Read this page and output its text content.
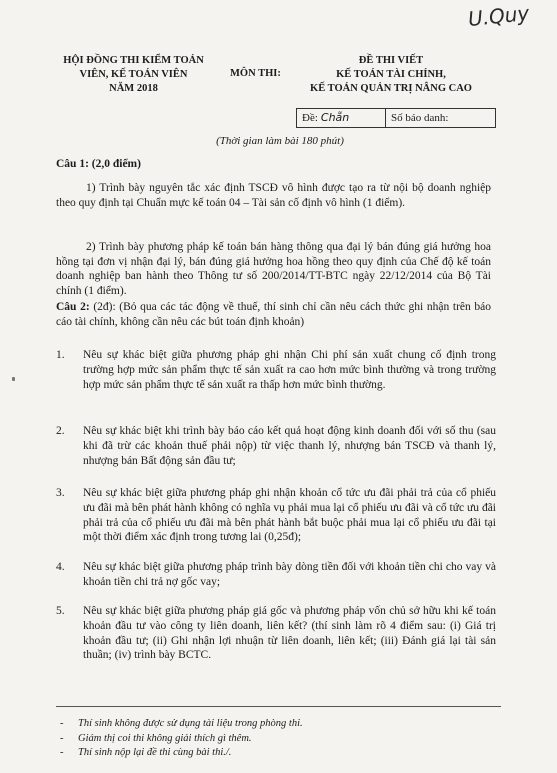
U.Quy
HỘI ĐỒNG THI KIỂM TOÁN
VIÊN, KẾ TOÁN VIÊN
NĂM 2018
MÔN THI:
ĐỀ THI VIẾT
KẾ TOÁN TÀI CHÍNH,
KẾ TOÁN QUẢN TRỊ NÂNG CAO
Đề: Chẵn	Số báo danh:
(Thời gian làm bài 180 phút)
Câu 1: (2,0 điểm)
1) Trình bày nguyên tắc xác định TSCĐ vô hình được tạo ra từ nội bộ doanh nghiệp theo quy định tại Chuẩn mực kế toán 04 – Tài sản cố định vô hình (1 điểm).
2) Trình bày phương pháp kế toán bán hàng thông qua đại lý bán đúng giá hưởng hoa hồng tại đơn vị nhận đại lý, bán đúng giá hưởng hoa hồng theo quy định của Chế độ kế toán doanh nghiệp ban hành theo Thông tư số 200/2014/TT-BTC ngày 22/12/2014 của Bộ Tài chính (1 điểm).
Câu 2: (2đ): (Bỏ qua các tác động về thuế, thí sinh chỉ cần nêu cách thức ghi nhận trên báo cáo tài chính, không cần nêu các bút toán định khoản)
1.	Nêu sự khác biệt giữa phương pháp ghi nhận Chi phí sản xuất chung cố định trong trường hợp mức sản phẩm thực tế sản xuất ra cao hơn mức bình thường và trong trường hợp mức sản phẩm thực tế sản xuất ra thấp hơn mức bình thường.
2.	Nêu sự khác biệt khi trình bày báo cáo kết quả hoạt động kinh doanh đối với số thu (sau khi đã trừ các khoản thuế phải nộp) từ việc thanh lý, nhượng bán TSCĐ và thanh lý, nhượng bán Bất động sản đầu tư;
3.	Nêu sự khác biệt giữa phương pháp ghi nhận khoản cổ tức ưu đãi phải trả của cổ phiếu ưu đãi mà bên phát hành không có nghĩa vụ phải mua lại cổ phiếu ưu đãi và cổ tức ưu đãi phải trả của cổ phiếu ưu đãi mà bên phát hành bắt buộc phải mua lại cổ phiếu ưu đãi tại một thời điểm xác định trong tương lai (0,25đ);
4.	Nêu sự khác biệt giữa phương pháp trình bày dòng tiền đối với khoản tiền chi cho vay và khoản tiền chi trả nợ gốc vay;
5.	Nêu sự khác biệt giữa phương pháp giá gốc và phương pháp vốn chủ sở hữu khi kế toán khoản đầu tư vào công ty liên doanh, liên kết? (thí sinh làm rõ 4 điểm sau: (i) Giá trị khoản đầu tư; (ii) Ghi nhận lợi nhuận từ liên doanh, liên kết; (iii) Đánh giá lại tài sản thuần; (iv) trình bày BCTC.
-	Thí sinh không được sử dụng tài liệu trong phòng thi.
-	Giám thị coi thi không giải thích gì thêm.
-	Thí sinh nộp lại đề thi cùng bài thi./.
